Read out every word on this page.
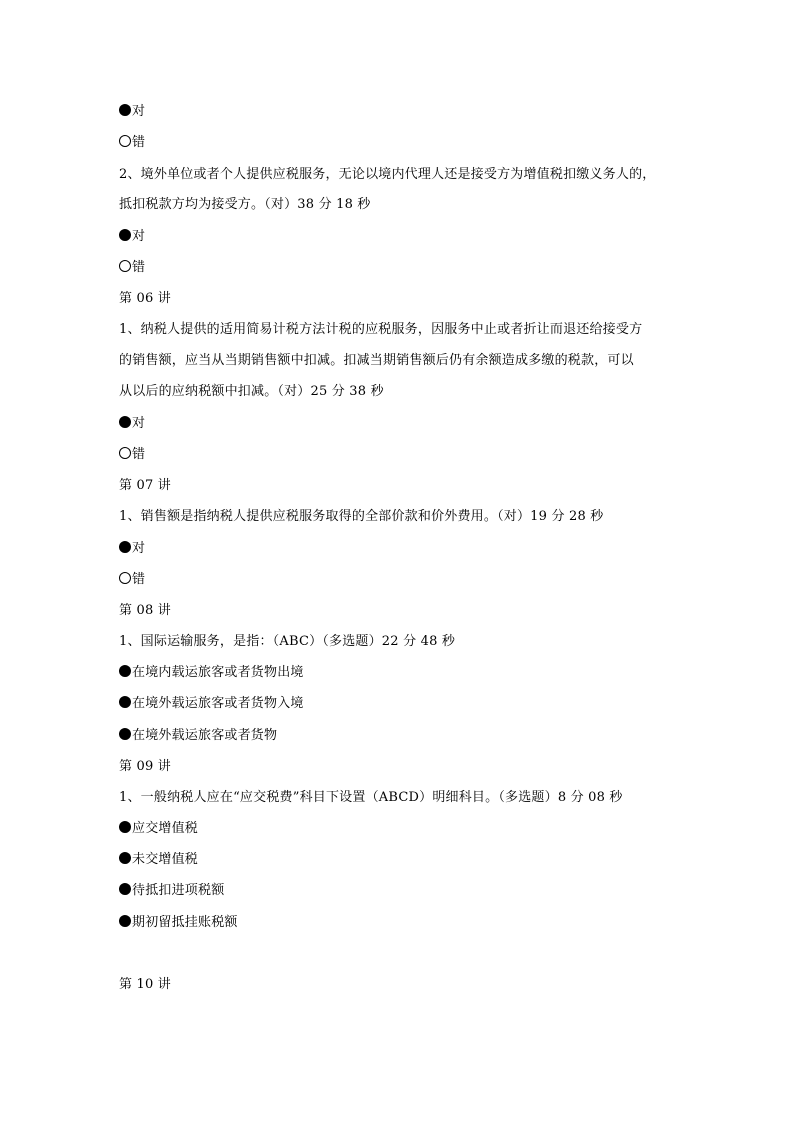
对
错
2、境外单位或者个人提供应税服务，无论以境内代理人还是接受方为增值税扣缴义务人的，
抵扣税款方均为接受方。（对）38 分 18 秒
对
错
第 06 讲
1、纳税人提供的适用简易计税方法计税的应税服务，因服务中止或者折让而退还给接受方
的销售额，应当从当期销售额中扣减。扣减当期销售额后仍有余额造成多缴的税款，可以
从以后的应纳税额中扣减。（对）25 分 38 秒
对
错
第 07 讲
1、销售额是指纳税人提供应税服务取得的全部价款和价外费用。（对）19 分 28 秒
对
错
第 08 讲
1、国际运输服务，是指：（ABC）（多选题）22 分 48 秒
在境内载运旅客或者货物出境
在境外载运旅客或者货物入境
在境外载运旅客或者货物
第 09 讲
1、一般纳税人应在“应交税费”科目下设置（ABCD）明细科目。（多选题）8 分 08 秒
应交增值税
未交增值税
待抵扣进项税额
期初留抵挂账税额
第 10 讲
